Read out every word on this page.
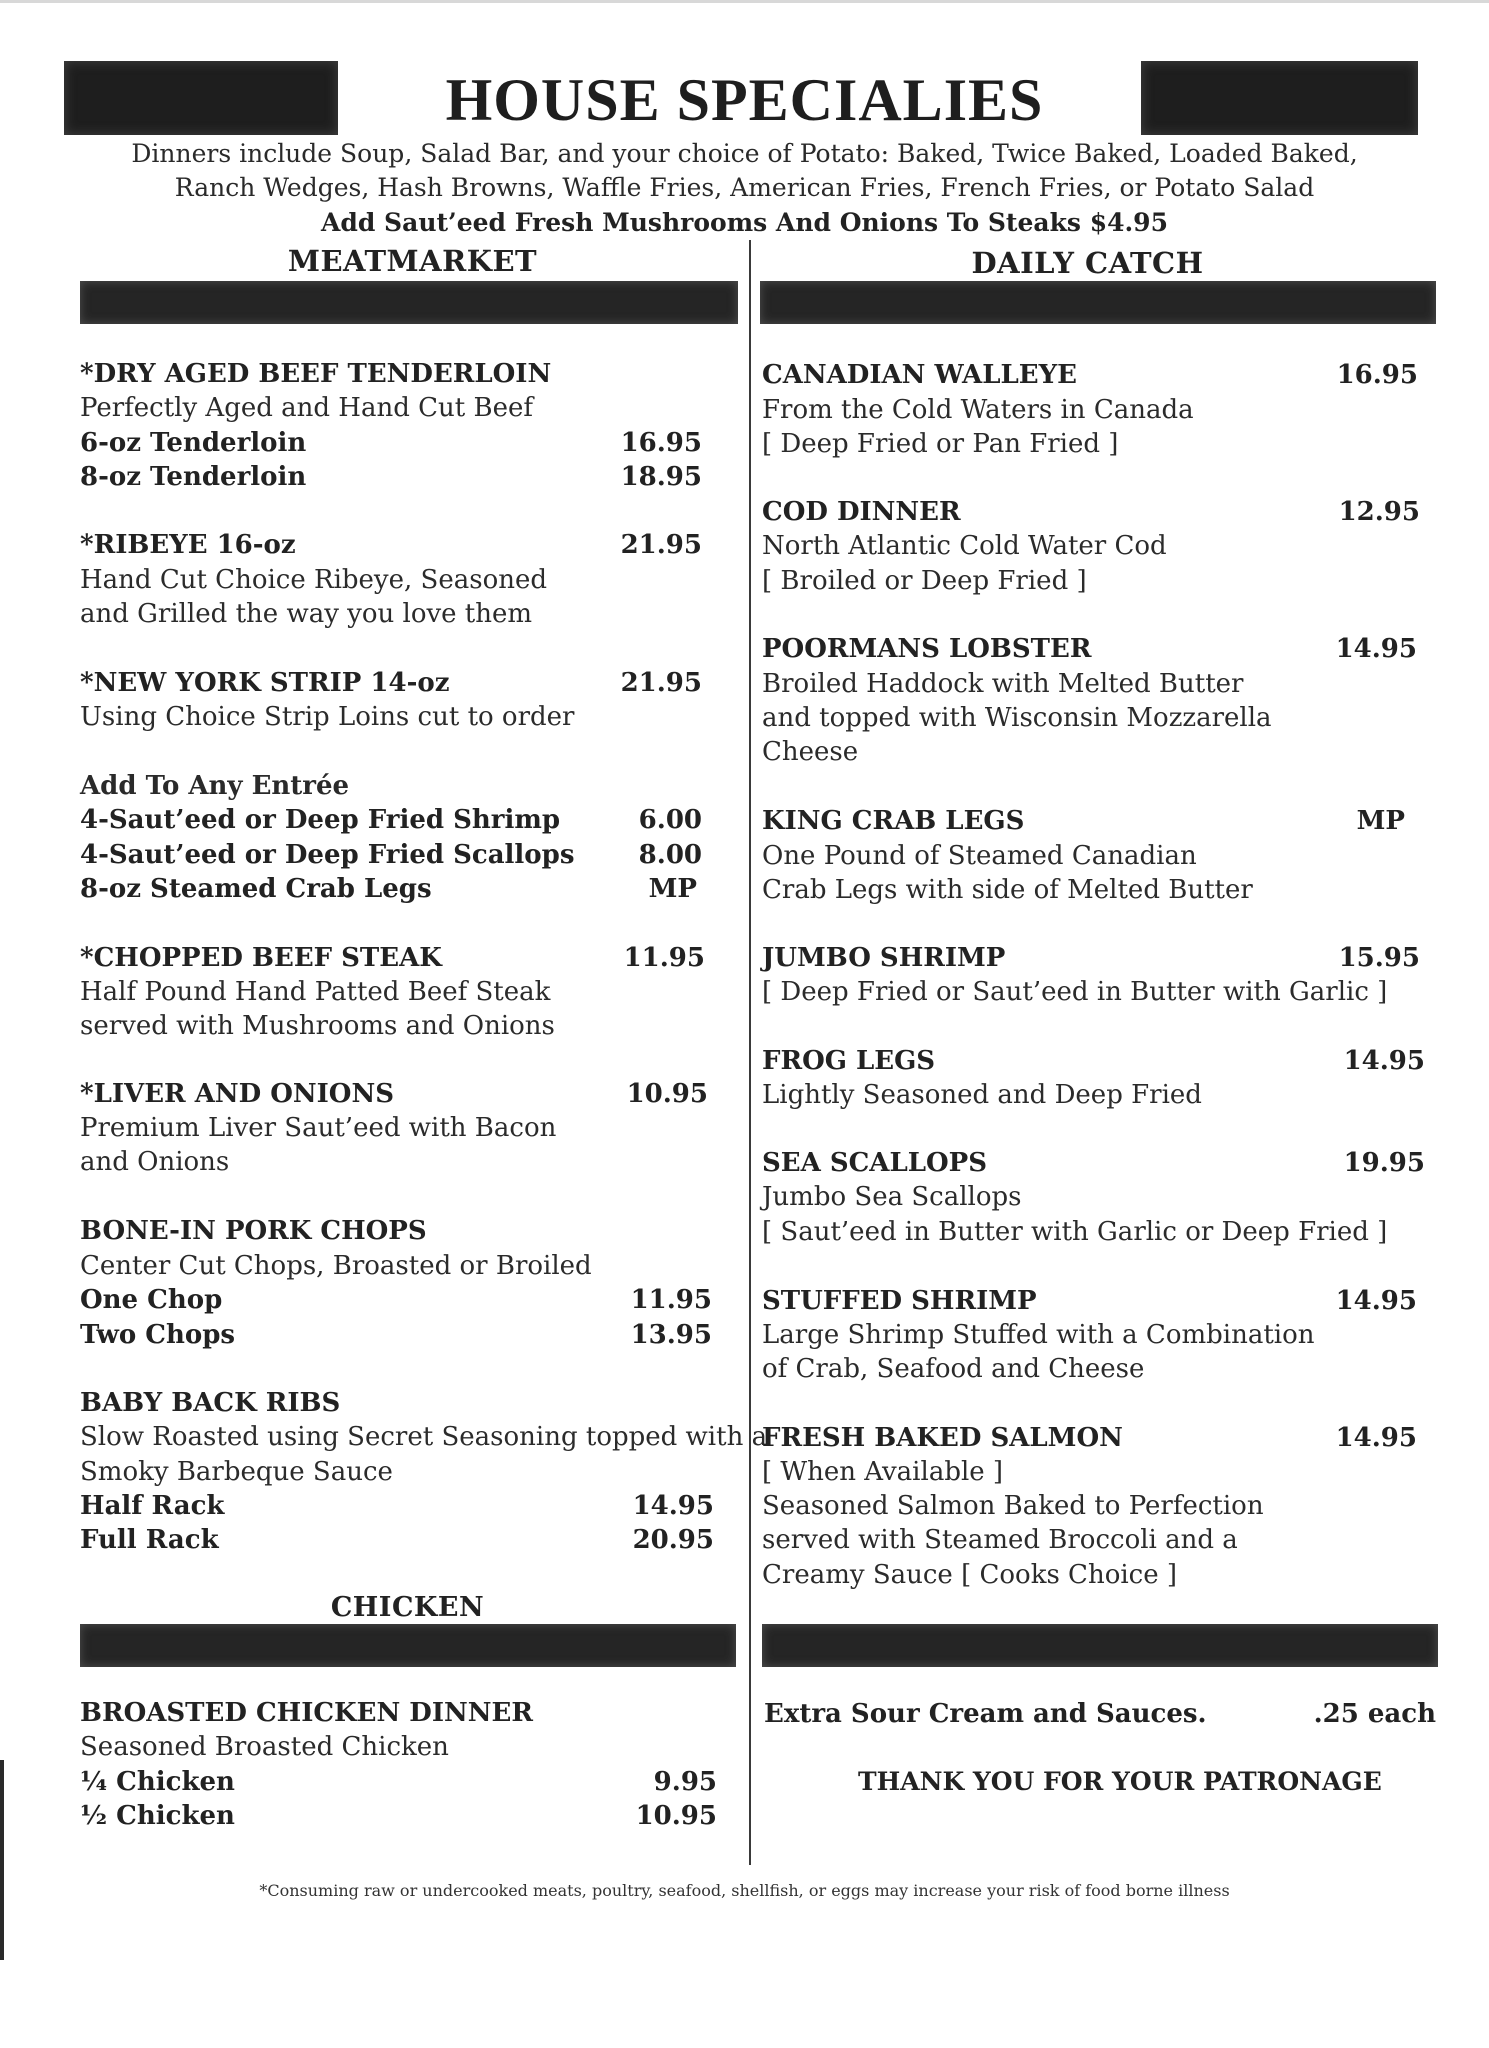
HOUSE SPECIALIES
Dinners include Soup, Salad Bar, and your choice of Potato: Baked, Twice Baked, Loaded Baked,
Ranch Wedges, Hash Browns, Waffle Fries, American Fries, French Fries, or Potato Salad
Add Saut’eed Fresh Mushrooms And Onions To Steaks $4.95
MEATMARKET	DAILY CATCH
*DRY AGED BEEF TENDERLOIN
Perfectly Aged and Hand Cut Beef
6-oz Tenderloin	16.95
8-oz Tenderloin	18.95
*RIBEYE 16-oz	21.95
Hand Cut Choice Ribeye, Seasoned
and Grilled the way you love them
*NEW YORK STRIP 14-oz	21.95
Using Choice Strip Loins cut to order
Add To Any Entrée
4-Saut’eed or Deep Fried Shrimp	6.00
4-Saut’eed or Deep Fried Scallops	8.00
8-oz Steamed Crab Legs	MP
*CHOPPED BEEF STEAK	11.95
Half Pound Hand Patted Beef Steak
served with Mushrooms and Onions
*LIVER AND ONIONS	10.95
Premium Liver Saut’eed with Bacon
and Onions
BONE-IN PORK CHOPS
Center Cut Chops, Broasted or Broiled
One Chop	11.95
Two Chops	13.95
BABY BACK RIBS
Slow Roasted using Secret Seasoning topped with a
Smoky Barbeque Sauce
Half Rack	14.95
Full Rack	20.95
CHICKEN
BROASTED CHICKEN DINNER
Seasoned Broasted Chicken
¼ Chicken	9.95
½ Chicken	10.95
CANADIAN WALLEYE	16.95
From the Cold Waters in Canada
[ Deep Fried or Pan Fried ]
COD DINNER	12.95
North Atlantic Cold Water Cod
[ Broiled or Deep Fried ]
POORMANS LOBSTER	14.95
Broiled Haddock with Melted Butter
and topped with Wisconsin Mozzarella
Cheese
KING CRAB LEGS	MP
One Pound of Steamed Canadian
Crab Legs with side of Melted Butter
JUMBO SHRIMP	15.95
[ Deep Fried or Saut’eed in Butter with Garlic ]
FROG LEGS	14.95
Lightly Seasoned and Deep Fried
SEA SCALLOPS	19.95
Jumbo Sea Scallops
[ Saut’eed in Butter with Garlic or Deep Fried ]
STUFFED SHRIMP	14.95
Large Shrimp Stuffed with a Combination
of Crab, Seafood and Cheese
FRESH BAKED SALMON	14.95
[ When Available ]
Seasoned Salmon Baked to Perfection
served with Steamed Broccoli and a
Creamy Sauce [ Cooks Choice ]
Extra Sour Cream and Sauces.	.25 each
THANK YOU FOR YOUR PATRONAGE
*Consuming raw or undercooked meats, poultry, seafood, shellfish, or eggs may increase your risk of food borne illness
